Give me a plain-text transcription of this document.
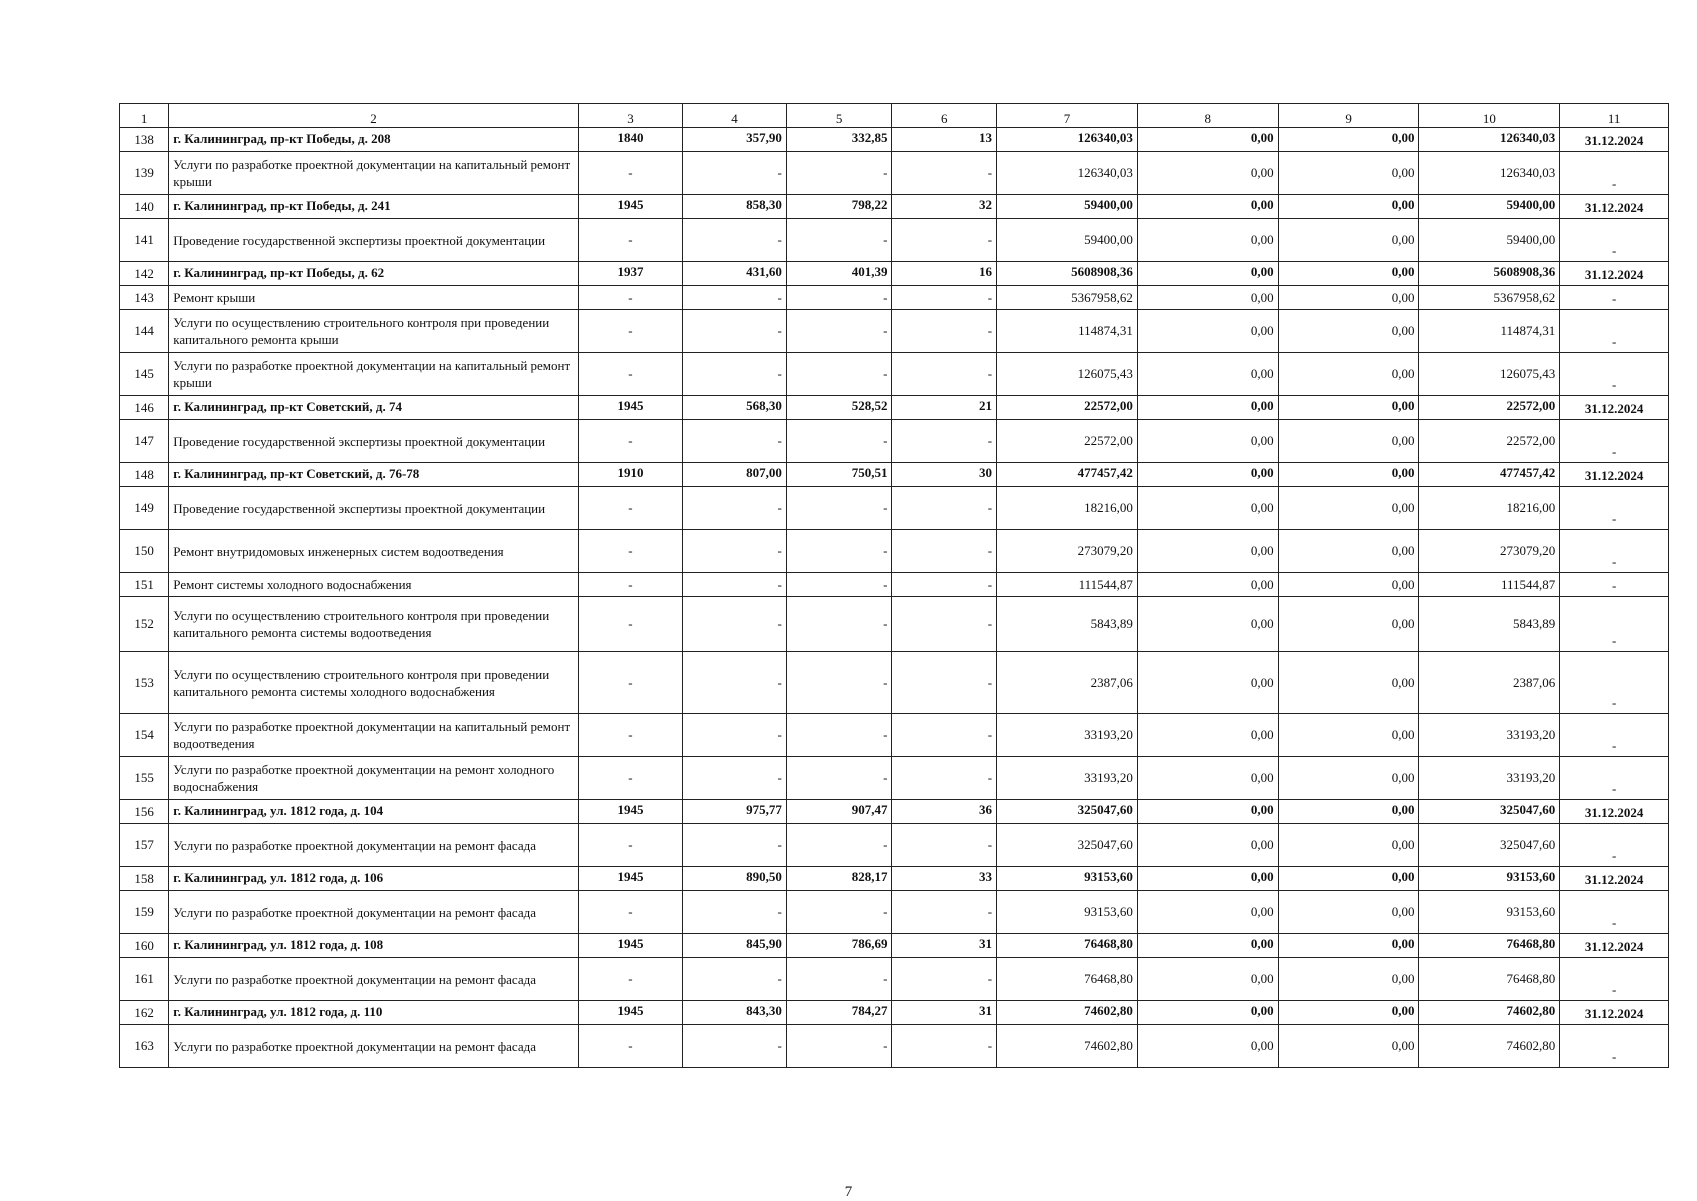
1	2	3	4	5	6	7	8	9	10	11
138	г. Калининград, пр-кт Победы, д. 208	1840	357,90	332,85	13	126340,03	0,00	0,00	126340,03	31.12.2024
139	Услуги по разработке проектной документации на капитальный ремонт крыши	-	-	-	-	126340,03	0,00	0,00	126340,03	-
140	г. Калининград, пр-кт Победы, д. 241	1945	858,30	798,22	32	59400,00	0,00	0,00	59400,00	31.12.2024
141	Проведение государственной экспертизы проектной документации	-	-	-	-	59400,00	0,00	0,00	59400,00	-
142	г. Калининград, пр-кт Победы, д. 62	1937	431,60	401,39	16	5608908,36	0,00	0,00	5608908,36	31.12.2024
143	Ремонт крыши	-	-	-	-	5367958,62	0,00	0,00	5367958,62	-
144	Услуги по осуществлению строительного контроля при проведении капитального ремонта крыши	-	-	-	-	114874,31	0,00	0,00	114874,31	-
145	Услуги по разработке проектной документации на капитальный ремонт крыши	-	-	-	-	126075,43	0,00	0,00	126075,43	-
146	г. Калининград, пр-кт Советский, д. 74	1945	568,30	528,52	21	22572,00	0,00	0,00	22572,00	31.12.2024
147	Проведение государственной экспертизы проектной документации	-	-	-	-	22572,00	0,00	0,00	22572,00	-
148	г. Калининград, пр-кт Советский, д. 76-78	1910	807,00	750,51	30	477457,42	0,00	0,00	477457,42	31.12.2024
149	Проведение государственной экспертизы проектной документации	-	-	-	-	18216,00	0,00	0,00	18216,00	-
150	Ремонт внутридомовых инженерных систем водоотведения	-	-	-	-	273079,20	0,00	0,00	273079,20	-
151	Ремонт системы холодного водоснабжения	-	-	-	-	111544,87	0,00	0,00	111544,87	-
152	Услуги по осуществлению строительного контроля при проведении капитального ремонта системы водоотведения	-	-	-	-	5843,89	0,00	0,00	5843,89	-
153	Услуги по осуществлению строительного контроля при проведении капитального ремонта системы холодного водоснабжения	-	-	-	-	2387,06	0,00	0,00	2387,06	-
154	Услуги по разработке проектной документации на капитальный ремонт водоотведения	-	-	-	-	33193,20	0,00	0,00	33193,20	-
155	Услуги по разработке проектной документации на ремонт холодного водоснабжения	-	-	-	-	33193,20	0,00	0,00	33193,20	-
156	г. Калининград, ул. 1812 года, д. 104	1945	975,77	907,47	36	325047,60	0,00	0,00	325047,60	31.12.2024
157	Услуги по разработке проектной документации на ремонт фасада	-	-	-	-	325047,60	0,00	0,00	325047,60	-
158	г. Калининград, ул. 1812 года, д. 106	1945	890,50	828,17	33	93153,60	0,00	0,00	93153,60	31.12.2024
159	Услуги по разработке проектной документации на ремонт фасада	-	-	-	-	93153,60	0,00	0,00	93153,60	-
160	г. Калининград, ул. 1812 года, д. 108	1945	845,90	786,69	31	76468,80	0,00	0,00	76468,80	31.12.2024
161	Услуги по разработке проектной документации на ремонт фасада	-	-	-	-	76468,80	0,00	0,00	76468,80	-
162	г. Калининград, ул. 1812 года, д. 110	1945	843,30	784,27	31	74602,80	0,00	0,00	74602,80	31.12.2024
163	Услуги по разработке проектной документации на ремонт фасада	-	-	-	-	74602,80	0,00	0,00	74602,80	-
7
